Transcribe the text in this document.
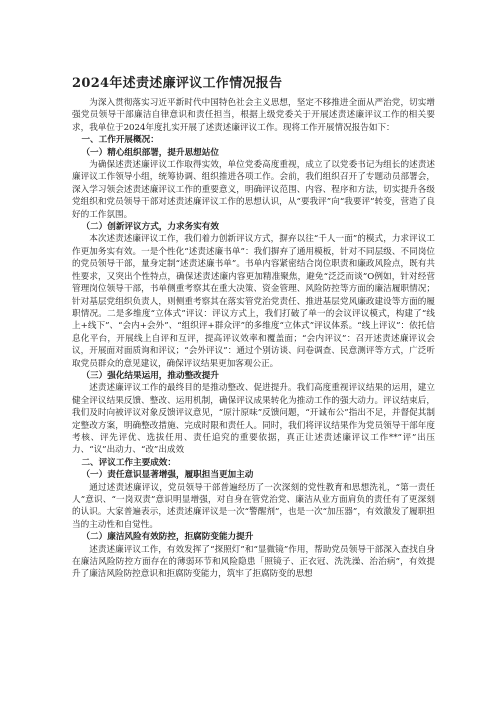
2024年述责述廉评议工作情况报告

为深入贯彻落实习近平新时代中国特色社会主义思想，坚定不移推进全面从严治党，切实增强党员领导干部廉洁自律意识和责任担当，根据上级党委关于开展述责述廉评议工作的相关要求，我单位于2024年度扎实开展了述责述廉评议工作。现将工作开展情况报告如下：

一、工作开展概况：

（一）精心组织部署，提升思想站位

为确保述责述廉评议工作取得实效，单位党委高度重视，成立了以党委书记为组长的述责述廉评议工作领导小组，统筹协调、组织推进各项工作。会前，我们组织召开了专题动员部署会，深入学习领会述责述廉评议工作的重要意义，明确评议范围、内容、程序和方法，切实提升各级党组织和党员领导干部对述责述廉评议工作的思想认识，从“要我评”向“我要评”转变，营造了良好的工作氛围。

（二）创新评议方式，力求务实有效

本次述责述廉评议工作，我们着力创新评议方式，摒弃以往“千人一面”的模式，力求评议工作更加务实有效。一是个性化“述责述廉书单”：我们摒弃了通用模板，针对不同层级、不同岗位的党员领导干部，量身定制“述责述廉书单”。书单内容紧密结合岗位职责和廉政风险点，既有共性要求，又突出个性特点，确保述责述廉内容更加精准聚焦，避免“泛泛而谈”O例如，针对经营管理岗位领导干部，书单侧重考察其在重大决策、资金管理、风险防控等方面的廉洁履职情况；针对基层党组织负责人，则侧重考察其在落实管党治党责任、推进基层党风廉政建设等方面的履职情况。二是多维度“立体式”评议：评议方式上，我们打破了单一的会议评议模式，构建了“线上+线下”、“会内+会外”、“组织评+群众评”的多维度“立体式”评议体系。“线上评议”：依托信息化平台，开展线上自评和互评，提高评议效率和覆盖面；“会内评议”：召开述责述廉评议会议，开展面对面质询和评议；“会外评议”：通过个别访谈、问卷调查、民意测评等方式，广泛听取党员群众的意见建议，确保评议结果更加客观公正。

（三）强化结果运用，推动整改提升

述责述廉评议工作的最终目的是推动整改、促进提升。我们高度重视评议结果的运用，建立健全评议结果反馈、整改、运用机制，确保评议成果转化为推动工作的强大动力。评议结束后，我们及时向被评议对象反馈评议意见，“原汁原味”反馈问题，“开诚布公”指出不足，并督促其制定整改方案，明确整改措施、完成时限和责任人。同时，我们将评议结果作为党员领导干部年度考核、评先评优、选拔任用、责任追究的重要依据，真正让述责述廉评议工作**“评”出压力、“议”出动力、“改”出成效

二、评议工作主要成效：

（一）责任意识显著增强，履职担当更加主动

通过述责述廉评议，党员领导干部普遍经历了一次深刻的党性教育和思想洗礼，“第一责任人”意识、“一岗双责”意识明显增强，对自身在管党治党、廉洁从业方面肩负的责任有了更深刻的认识。大家普遍表示，述责述廉评议是一次“警醒剂”，也是一次“加压器”，有效激发了履职担当的主动性和自觉性。

（二）廉洁风险有效防控，拒腐防变能力提升

述责述廉评议工作，有效发挥了“探照灯”和“显微镜”作用，帮助党员领导干部深入查找自身在廉洁风险防控方面存在的薄弱环节和风险隐患「照镜子、正衣冠、洗洗澡、治治病”，有效提升了廉洁风险防控意识和拒腐防变能力，筑牢了拒腐防变的思想
